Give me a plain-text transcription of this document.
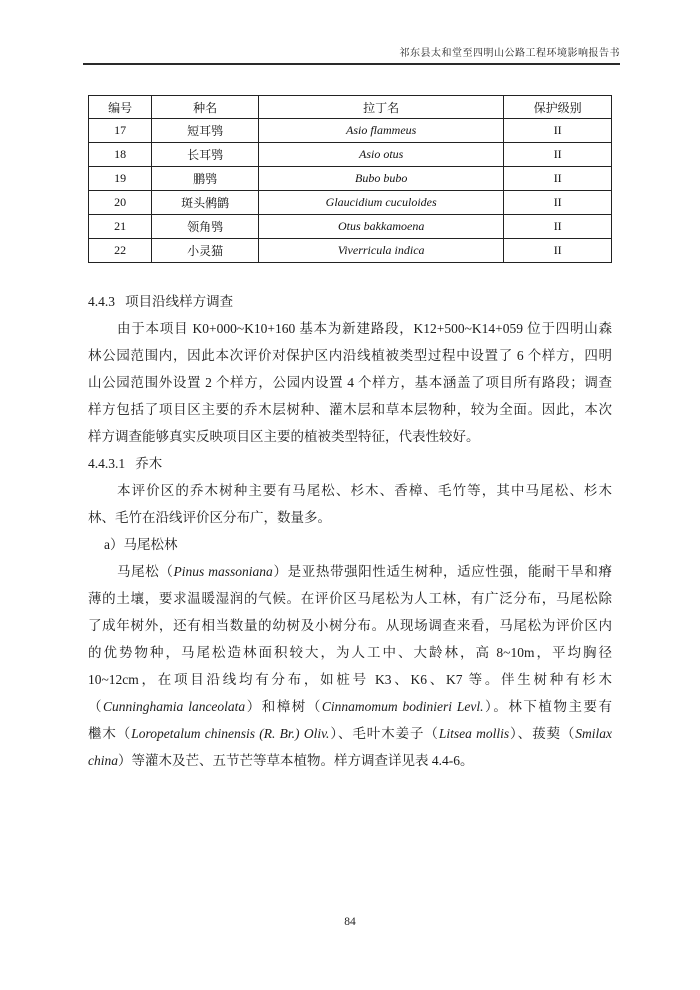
祁东县太和堂至四明山公路工程环境影响报告书
编号	种名	拉丁名	保护级别
17	短耳鸮	Asio flammeus	II
18	长耳鸮	Asio otus	II
19	鹏鸮	Bubo bubo	II
20	斑头鸺鹠	Glaucidium cuculoides	II
21	领角鸮	Otus bakkamoena	II
22	小灵猫	Viverricula indica	II
4.4.3   项目沿线样方调查
由于本项目 K0+000~K10+160 基本为新建路段，K12+500~K14+059 位于四明山森
林公园范围内，因此本次评价对保护区内沿线植被类型过程中设置了 6 个样方，四明
山公园范围外设置 2 个样方，公园内设置 4 个样方，基本涵盖了项目所有路段；调查
样方包括了项目区主要的乔木层树种、灌木层和草本层物种，较为全面。因此，本次
样方调查能够真实反映项目区主要的植被类型特征，代表性较好。
4.4.3.1   乔木
本评价区的乔木树种主要有马尾松、杉木、香樟、毛竹等，其中马尾松、杉木
林、毛竹在沿线评价区分布广，数量多。
a）马尾松林
马尾松（Pinus massoniana）是亚热带强阳性适生树种，适应性强，能耐干旱和瘠
薄的土壤，要求温暖湿润的气候。在评价区马尾松为人工林，有广泛分布，马尾松除
了成年树外，还有相当数量的幼树及小树分布。从现场调查来看，马尾松为评价区内
的优势物种，马尾松造林面积较大，为人工中、大龄林，高 8~10m，平均胸径
10~12cm，在项目沿线均有分布，如桩号 K3、K6、K7 等。伴生树种有杉木
（Cunninghamia lanceolata）和樟树（Cinnamomum bodinieri Levl.）。林下植物主要有
檵木（Loropetalum chinensis (R. Br.) Oliv.）、毛叶木姜子（Litsea mollis）、菝葜（Smilax
china）等灌木及芒、五节芒等草本植物。样方调查详见表 4.4-6。
84
